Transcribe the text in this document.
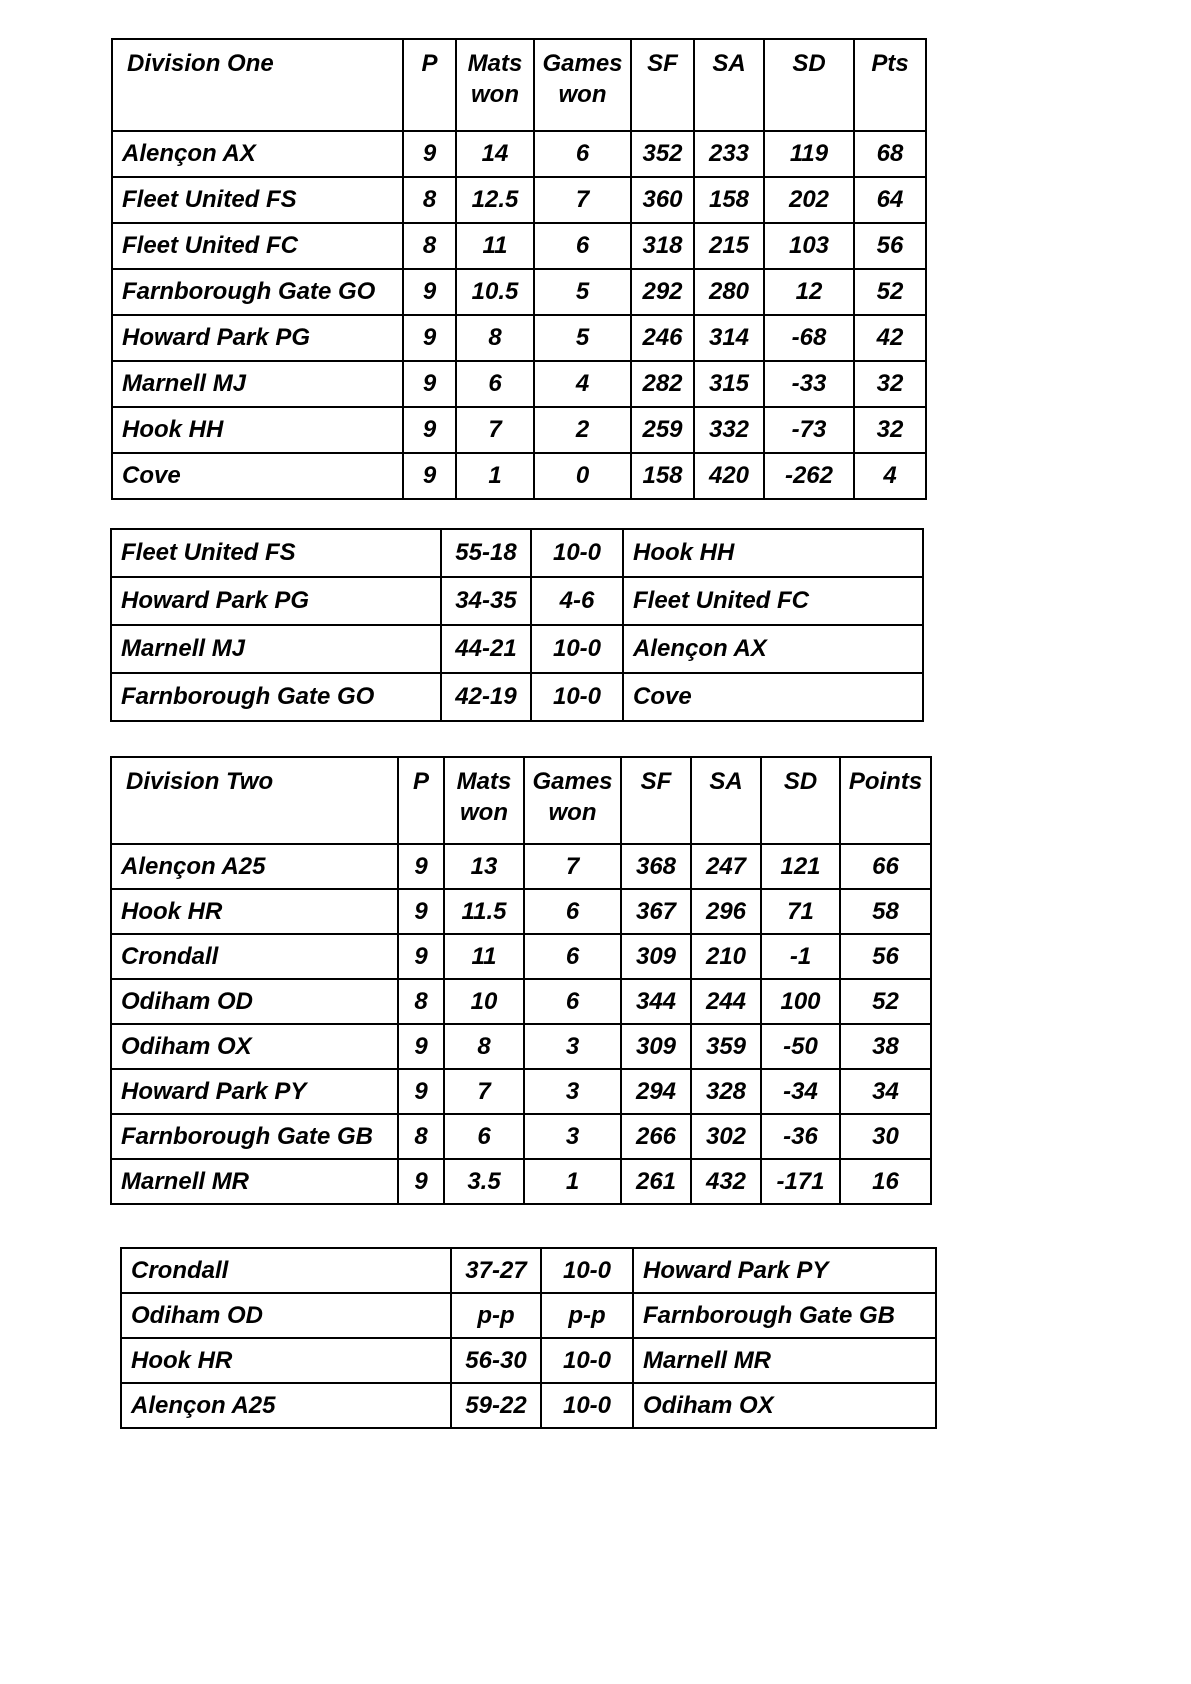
Division One	P	Mats won	Games won	SF	SA	SD	Pts
Alençon AX	9	14	6	352	233	119	68
Fleet United FS	8	12.5	7	360	158	202	64
Fleet United FC	8	11	6	318	215	103	56
Farnborough Gate GO	9	10.5	5	292	280	12	52
Howard Park PG	9	8	5	246	314	-68	42
Marnell MJ	9	6	4	282	315	-33	32
Hook HH	9	7	2	259	332	-73	32
Cove	9	1	0	158	420	-262	4
Fleet United FS	55-18	10-0	Hook HH
Howard Park PG	34-35	4-6	Fleet United FC
Marnell MJ	44-21	10-0	Alençon AX
Farnborough Gate GO	42-19	10-0	Cove
Division Two	P	Mats won	Games won	SF	SA	SD	Points
Alençon A25	9	13	7	368	247	121	66
Hook HR	9	11.5	6	367	296	71	58
Crondall	9	11	6	309	210	-1	56
Odiham OD	8	10	6	344	244	100	52
Odiham OX	9	8	3	309	359	-50	38
Howard Park PY	9	7	3	294	328	-34	34
Farnborough Gate GB	8	6	3	266	302	-36	30
Marnell MR	9	3.5	1	261	432	-171	16
Crondall	37-27	10-0	Howard Park PY
Odiham OD	p-p	p-p	Farnborough Gate GB
Hook HR	56-30	10-0	Marnell MR
Alençon A25	59-22	10-0	Odiham OX
